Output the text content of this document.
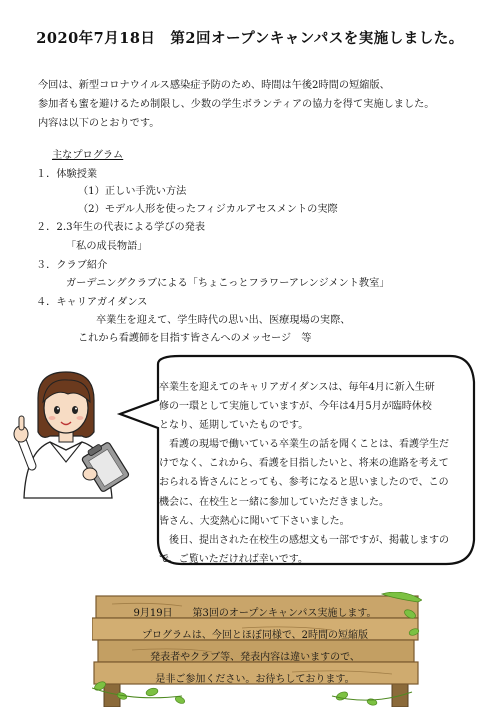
2020年7月18日　第2回オープンキャンパスを実施しました。

今回は、新型コロナウイルス感染症予防のため、時間は午後2時間の短縮版、

参加者も蜜を避けるため制限し、少数の学生ボランティアの協力を得て実施しました。

内容は以下のとおりです。

主なプログラム
１．体験授業
（1）正しい手洗い方法
（2）モデル人形を使ったフィジカルアセスメントの実際
２．2.3年生の代表による学びの発表
「私の成長物語」
３．クラブ紹介
ガーデニングクラブによる「ちょこっとフラワーアレンジメント教室」
４．キャリアガイダンス
卒業生を迎えて、学生時代の思い出、医療現場の実際、
これから看護師を目指す皆さんへのメッセージ　等

卒業生を迎えてのキャリアガイダンスは、毎年4月に新入生研

修の一環として実施していますが、今年は4月5月が臨時休校

となり、延期していたものです。

　看護の現場で働いている卒業生の話を聞くことは、看護学生だ

けでなく、これから、看護を目指したいと、将来の進路を考えて

おられる皆さんにとっても、参考になると思いましたので、この

機会に、在校生と一緒に参加していただきました。

皆さん、大変熱心に聞いて下さいました。

　後日、提出された在校生の感想文も一部ですが、掲載しますの

で、ご覧いただければ幸いです。

9月19日　　第3回のオープンキャンパス実施します。

プログラムは、今回とほぼ同様で、2時間の短縮版

発表者やクラブ等、発表内容は違いますので、

是非ご参加ください。お待ちしております。
